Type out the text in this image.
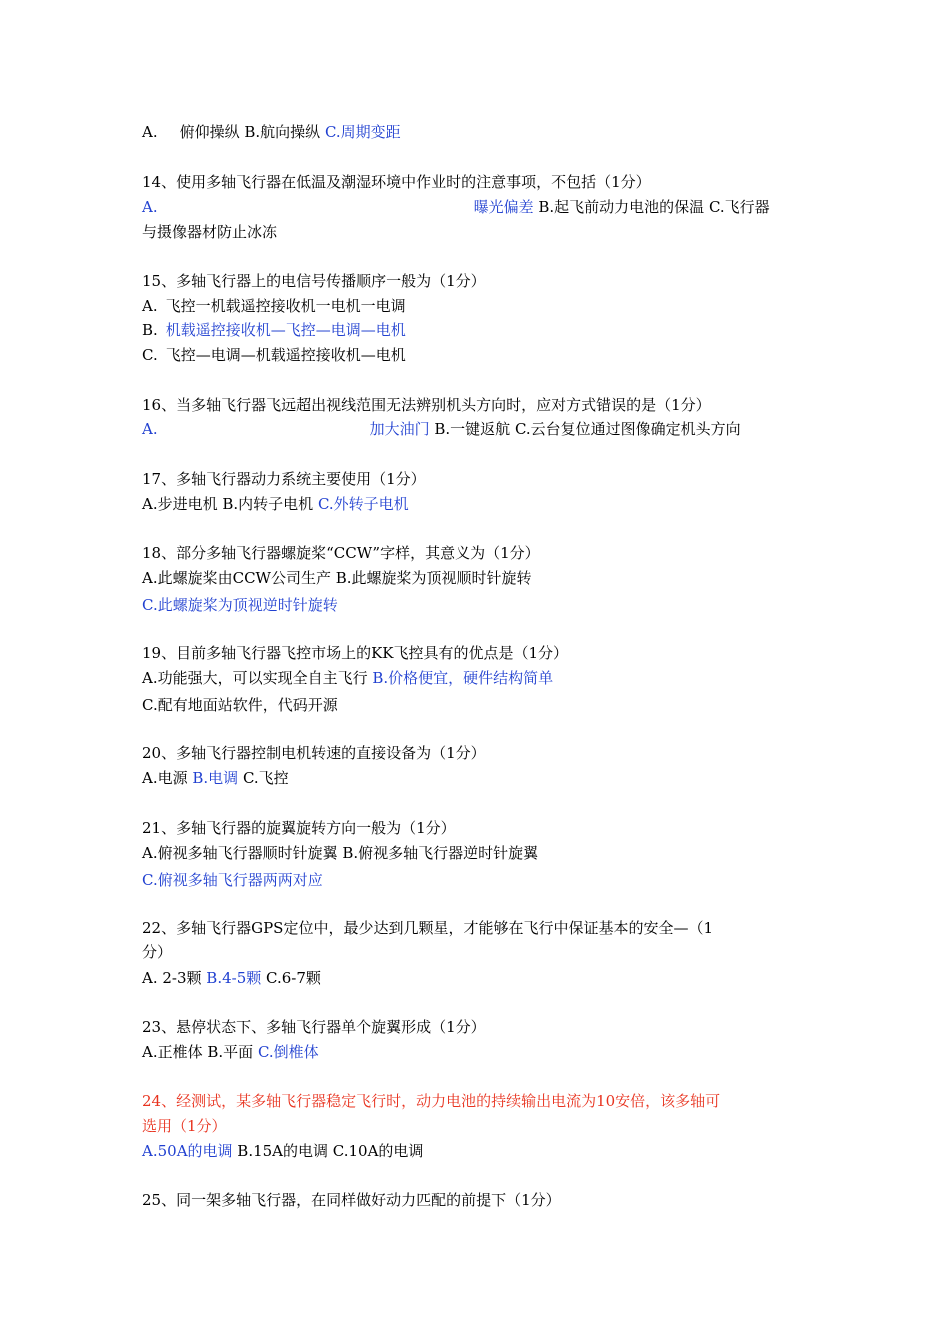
A. 俯仰操纵 B.航向操纵 C.周期变距
14、使用多轴飞行器在低温及潮湿环境中作业时的注意事项，不包括（1分）
A.	曝光偏差 B.起飞前动力电池的保温 C.飞行器
与摄像器材防止冰冻
15、多轴飞行器上的电信号传播顺序一般为（1分）
A. 飞控一机载遥控接收机一电机一电调
B. 机载遥控接收机—飞控—电调—电机
C. 飞控—电调—机载遥控接收机—电机
16、当多轴飞行器飞远超出视线范围无法辨别机头方向时，应对方式错误的是（1分）
A.	加大油门 B.一键返航 C.云台复位通过图像确定机头方向
17、多轴飞行器动力系统主要使用（1分）
A.步进电机 B.内转子电机 C.外转子电机
18、部分多轴飞行器螺旋桨“CCW”字样，其意义为（1分）
A.此螺旋桨由CCW公司生产 B.此螺旋桨为顶视顺时针旋转
C.此螺旋桨为顶视逆时针旋转
19、目前多轴飞行器飞控市场上的KK飞控具有的优点是（1分）
A.功能强大，可以实现全自主飞行 B.价格便宜，硬件结构简单
C.配有地面站软件，代码开源
20、多轴飞行器控制电机转速的直接设备为（1分）
A.电源 B.电调 C.飞控
21、多轴飞行器的旋翼旋转方向一般为（1分）
A.俯视多轴飞行器顺时针旋翼 B.俯视多轴飞行器逆时针旋翼
C.俯视多轴飞行器两两对应
22、多轴飞行器GPS定位中，最少达到几颗星，才能够在飞行中保证基本的安全—（1
分）
A. 2-3颗 B.4-5颗 C.6-7颗
23、悬停状态下、多轴飞行器单个旋翼形成（1分）
A.正椎体 B.平面 C.倒椎体
24、经测试，某多轴飞行器稳定飞行时，动力电池的持续输出电流为10安倍，该多轴可
选用（1分）
A.50A的电调 B.15A的电调 C.10A的电调
25、同一架多轴飞行器，在同样做好动力匹配的前提下（1分）
